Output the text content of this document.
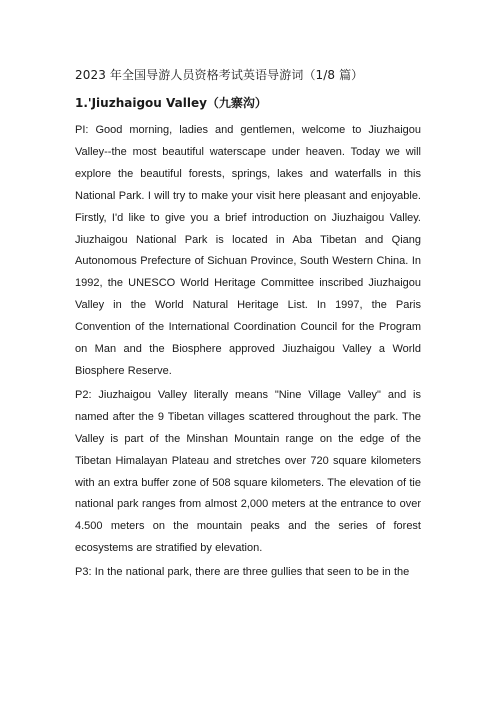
2023 年全国导游人员资格考试英语导游词（1/8 篇）
1.'Jiuzhaigou Valley（九寨沟）

PI: Good morning, ladies and gentlemen, welcome to Jiuzhaigou Valley--the most beautiful waterscape under heaven. Today we will explore the beautiful forests, springs, lakes and waterfalls in this National Park. I will try to make your visit here pleasant and enjoyable. Firstly, I'd like to give you a brief introduction on Jiuzhaigou Valley. Jiuzhaigou National Park is located in Aba Tibetan and Qiang Autonomous Prefecture of Sichuan Province, South Western China. In 1992, the UNESCO World Heritage Committee inscribed Jiuzhaigou Valley in the World Natural Heritage List. In 1997, the Paris Convention of the International Coordination Council for the Program on Man and the Biosphere approved Jiuzhaigou Valley a World Biosphere Reserve.

P2: Jiuzhaigou Valley literally means "Nine Village Valley" and is named after the 9 Tibetan villages scattered throughout the park. The Valley is part of the Minshan Mountain range on the edge of the Tibetan Himalayan Plateau and stretches over 720 square kilometers with an extra buffer zone of 508 square kilometers. The elevation of tie national park ranges from almost 2,000 meters at the entrance to over 4.500 meters on the mountain peaks and the series of forest ecosystems are stratified by elevation.

P3: In the national park, there are three gullies that seen to be in the
